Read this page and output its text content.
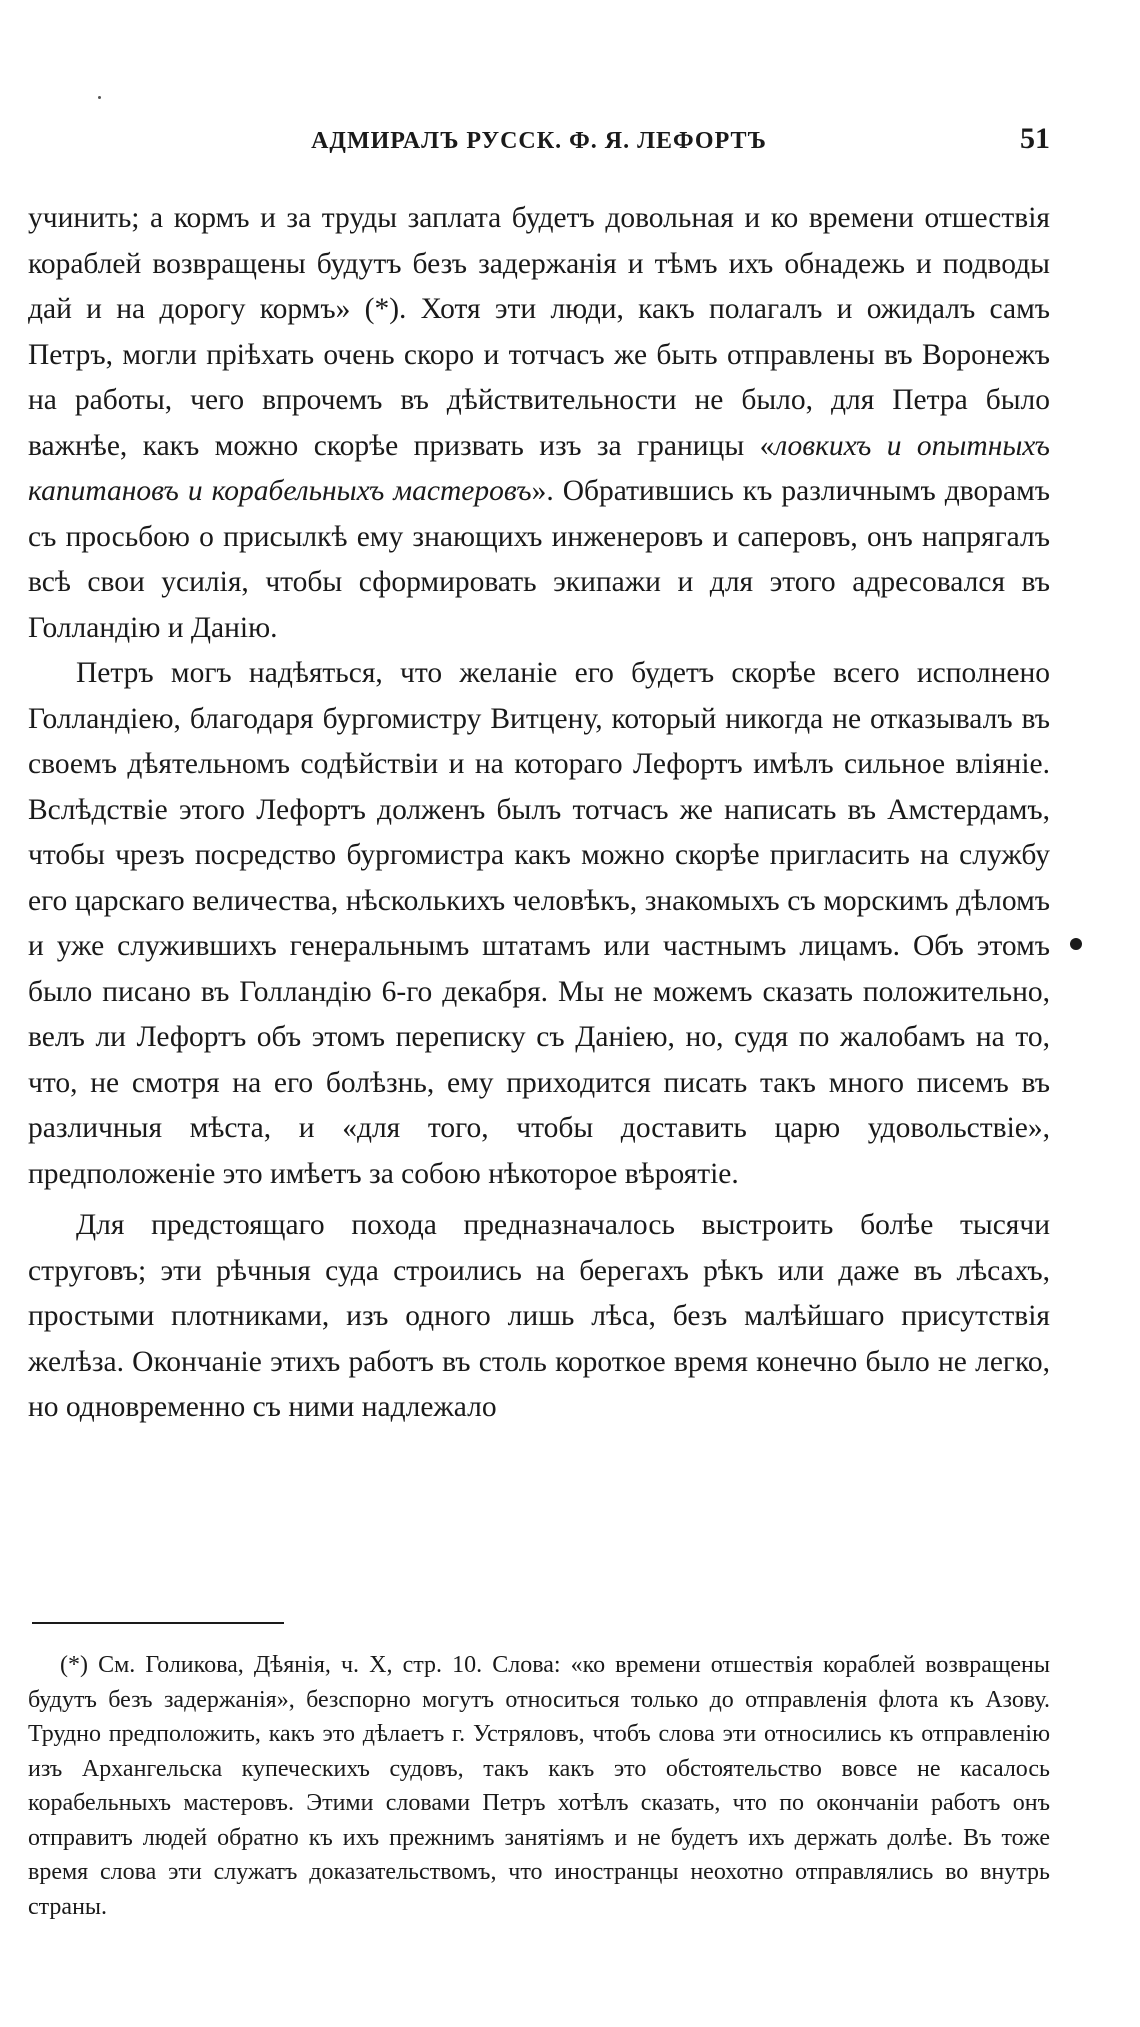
АДМИРАЛЪ РУССК. Ф. Я. ЛЕФОРТЪ	51

учинить; а кормъ и за труды заплата будетъ довольная и ко времени отшествія кораблей возвращены будутъ безъ задержанія и тѣмъ ихъ обнадежь и подводы дай и на дорогу кормъ» (*). Хотя эти люди, какъ полагалъ и ожидалъ самъ Петръ, могли пріѣхать очень скоро и тотчасъ же быть отправлены въ Воронежъ на работы, чего впрочемъ въ дѣйствительности не было, для Петра было важнѣе, какъ можно скорѣе призвать изъ за границы «ловкихъ и опытныхъ капитановъ и корабельныхъ мастеровъ». Обратившись къ различнымъ дворамъ съ просьбою о присылкѣ ему знающихъ инженеровъ и саперовъ, онъ напрягалъ всѣ свои усилія, чтобы сформировать экипажи и для этого адресовался въ Голландію и Данію.

Петръ могъ надѣяться, что желаніе его будетъ скорѣе всего исполнено Голландіею, благодаря бургомистру Витцену, который никогда не отказывалъ въ своемъ дѣятельномъ содѣйствіи и на котораго Лефортъ имѣлъ сильное вліяніе. Вслѣдствіе этого Лефортъ долженъ былъ тотчасъ же написать въ Амстердамъ, чтобы чрезъ посредство бургомистра какъ можно скорѣе пригласить на службу его царскаго величества, нѣсколькихъ человѣкъ, знакомыхъ съ морскимъ дѣломъ и уже служившихъ генеральнымъ штатамъ или частнымъ лицамъ. Объ этомъ было писано въ Голландію 6-го декабря. Мы не можемъ сказать положительно, велъ ли Лефортъ объ этомъ переписку съ Даніею, но, судя по жалобамъ на то, что, не смотря на его болѣзнь, ему приходится писать такъ много писемъ въ различныя мѣста, и «для того, чтобы доставить царю удовольствіе», предположеніе это имѣетъ за собою нѣкоторое вѣроятіе.

Для предстоящаго похода предназначалось выстроить болѣе тысячи струговъ; эти рѣчныя суда строились на берегахъ рѣкъ или даже въ лѣсахъ, простыми плотниками, изъ одного лишь лѣса, безъ малѣйшаго присутствія желѣза. Окончаніе этихъ работъ въ столь короткое время конечно было не легко, но одновременно съ ними надлежало

(*) См. Голикова, Дѣянія, ч. X, стр. 10. Слова: «ко времени отшествія кораблей возвращены будутъ безъ задержанія», безспорно могутъ относиться только до отправленія флота къ Азову. Трудно предположить, какъ это дѣлаетъ г. Устряловъ, чтобъ слова эти относились къ отправленію изъ Архангельска купеческихъ судовъ, такъ какъ это обстоятельство вовсе не касалось корабельныхъ мастеровъ. Этими словами Петръ хотѣлъ сказать, что по окончаніи работъ онъ отправитъ людей обратно къ ихъ прежнимъ занятіямъ и не будетъ ихъ держать долѣе. Въ тоже время слова эти служатъ доказательствомъ, что иностранцы неохотно отправлялись во внутрь страны.
